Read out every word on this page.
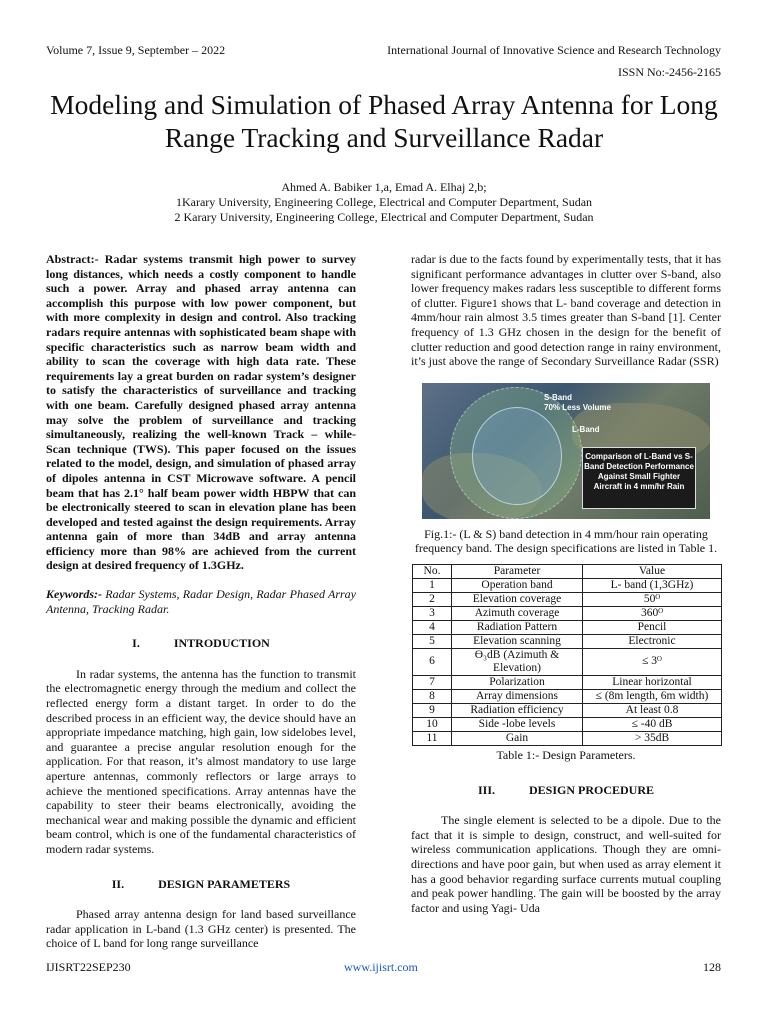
Volume 7, Issue 9, September – 2022	International Journal of Innovative Science and Research Technology
ISSN No:-2456-2165
Modeling and Simulation of Phased Array Antenna for Long Range Tracking and Surveillance Radar
Ahmed A. Babiker 1,a, Emad A. Elhaj 2,b;
1Karary University, Engineering College, Electrical and Computer Department, Sudan
2 Karary University, Engineering College, Electrical and Computer Department, Sudan

Abstract:- Radar systems transmit high power to survey long distances, which needs a costly component to handle such a power. Array and phased array antenna can accomplish this purpose with low power component, but with more complexity in design and control. Also tracking radars require antennas with sophisticated beam shape with specific characteristics such as narrow beam width and ability to scan the coverage with high data rate. These requirements lay a great burden on radar system’s designer to satisfy the characteristics of surveillance and tracking with one beam. Carefully designed phased array antenna may solve the problem of surveillance and tracking simultaneously, realizing the well-known Track – while- Scan technique (TWS). This paper focused on the issues related to the model, design, and simulation of phased array of dipoles antenna in CST Microwave software. A pencil beam that has 2.1° half beam power width HBPW that can be electronically steered to scan in elevation plane has been developed and tested against the design requirements. Array antenna gain of more than 34dB and array antenna efficiency more than 98% are achieved from the current design at desired frequency of 1.3GHz.

Keywords:- Radar Systems, Radar Design, Radar Phased Array Antenna, Tracking Radar.

I.	INTRODUCTION

In radar systems, the antenna has the function to transmit the electromagnetic energy through the medium and collect the reflected energy form a distant target. In order to do the described process in an efficient way, the device should have an appropriate impedance matching, high gain, low sidelobes level, and guarantee a precise angular resolution enough for the application. For that reason, it’s almost mandatory to use large aperture antennas, commonly reflectors or large arrays to achieve the mentioned specifications. Array antennas have the capability to steer their beams electronically, avoiding the mechanical wear and making possible the dynamic and efficient beam control, which is one of the fundamental characteristics of modern radar systems.

II.	DESIGN PARAMETERS

Phased array antenna design for land based surveillance radar application in L-band (1.3 GHz center) is presented. The choice of L band for long range surveillance

radar is due to the facts found by experimentally tests, that it has significant performance advantages in clutter over S-band, also lower frequency makes radars less susceptible to different forms of clutter. Figure1 shows that L- band coverage and detection in 4mm/hour rain almost 3.5 times greater than S-band [1]. Center frequency of 1.3 GHz chosen in the design for the benefit of clutter reduction and good detection range in rainy environment, it’s just above the range of Secondary Surveillance Radar (SSR)

S-Band
70% Less Volume
L-Band
Comparison of L-Band vs S-Band Detection Performance Against Small Fighter Aircraft in 4 mm/hr Rain

Fig.1:- (L & S) band detection in 4 mm/hour rain operating frequency band. The design specifications are listed in Table 1.

No.	Parameter	Value
1	Operation band	L- band (1,3GHz)
2	Elevation coverage	50ᴼ
3	Azimuth coverage	360ᴼ
4	Radiation Pattern	Pencil
5	Elevation scanning	Electronic
6	ϴ₃dB (Azimuth & Elevation)	≤ 3ᴼ
7	Polarization	Linear horizontal
8	Array dimensions	≤ (8m length, 6m width)
9	Radiation efficiency	At least 0.8
10	Side -lobe levels	≤ -40 dB
11	Gain	> 35dB

Table 1:- Design Parameters.

III.	DESIGN PROCEDURE

The single element is selected to be a dipole. Due to the fact that it is simple to design, construct, and well-suited for wireless communication applications. Though they are omni-directions and have poor gain, but when used as array element it has a good behavior regarding surface currents mutual coupling and peak power handling. The gain will be boosted by the array factor and using Yagi- Uda

IJISRT22SEP230	www.ijisrt.com	128
